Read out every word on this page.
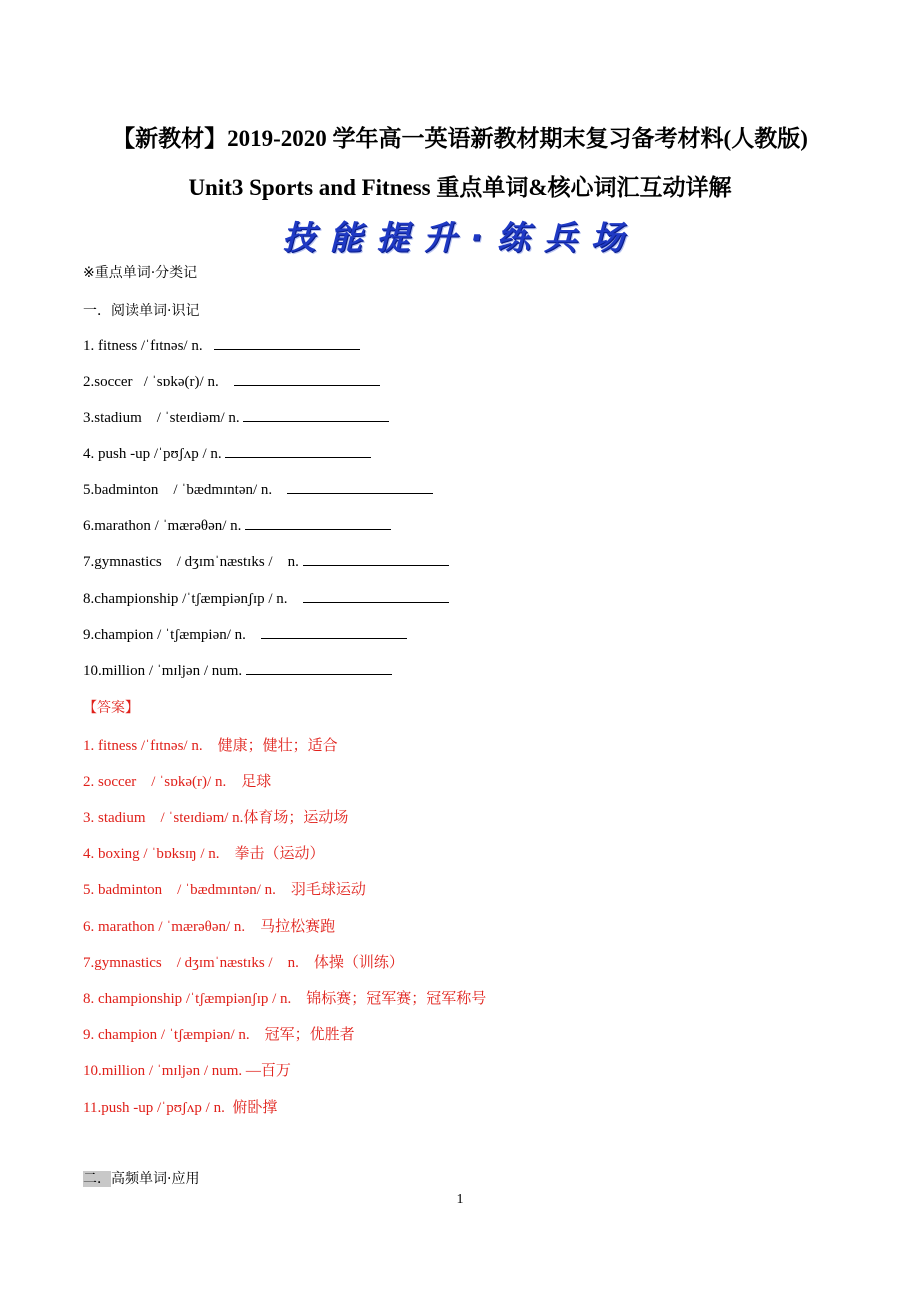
【新教材】2019-2020 学年高一英语新教材期末复习备考材料(人教版)
Unit3 Sports and Fitness 重点单词&核心词汇互动详解
技能提升·练兵场
※重点单词·分类记
一．阅读单词·识记
1. fitness /ˈfɪtnəs/ n.
2.soccer   / ˈsɒkə(r)/ n.
3.stadium    / ˈsteɪdiəm/ n.
4. push -up /ˈpʊʃʌp / n.
5.badminton    / ˈbædmɪntən/ n.
6.marathon / ˈmærəθən/ n.
7.gymnastics    / dʒɪmˈnæstɪks /    n.
8.championship /ˈtʃæmpiənʃɪp / n.
9.champion / ˈtʃæmpiən/ n.
10.million / ˈmɪljən / num.
【答案】
1. fitness /ˈfɪtnəs/ n.    健康；健壮；适合
2. soccer    / ˈsɒkə(r)/ n.    足球
3. stadium    / ˈsteɪdiəm/ n.体育场；运动场
4. boxing / ˈbɒksɪŋ / n.    拳击（运动）
5. badminton    / ˈbædmɪntən/ n.    羽毛球运动
6. marathon / ˈmærəθən/ n.    马拉松赛跑
7.gymnastics    / dʒɪmˈnæstɪks /    n.    体操（训练）
8. championship /ˈtʃæmpiənʃɪp / n.    锦标赛；冠军赛；冠军称号
9. champion / ˈtʃæmpiən/ n.    冠军；优胜者
10.million / ˈmɪljən / num. —百万
11.push -up /ˈpʊʃʌp / n.  俯卧撑
二．高频单词·应用
1
